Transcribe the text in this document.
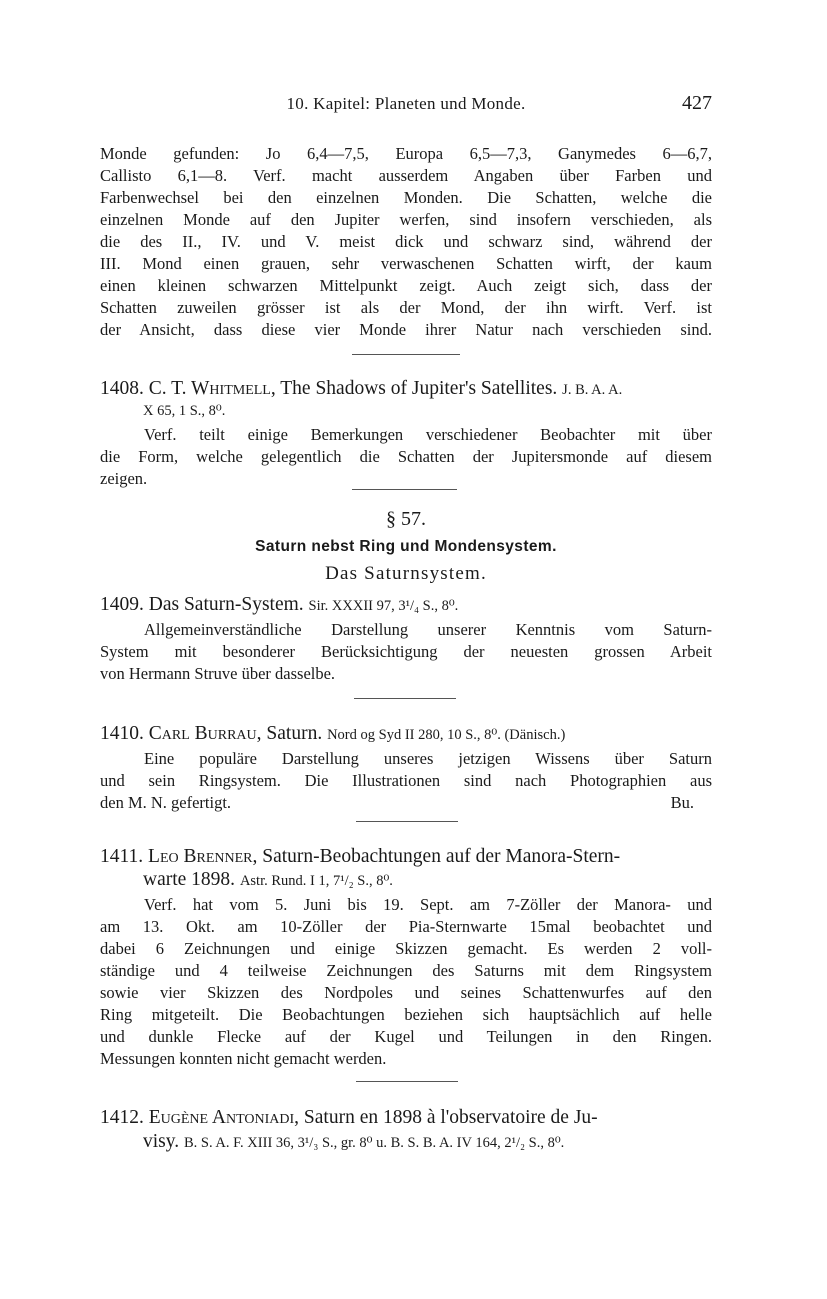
10. Kapitel: Planeten und Monde.	427
Monde gefunden: Jo 6,4—7,5, Europa 6,5—7,3, Ganymedes 6—6,7,
Callisto 6,1—8. Verf. macht ausserdem Angaben über Farben und
Farbenwechsel bei den einzelnen Monden. Die Schatten, welche die
einzelnen Monde auf den Jupiter werfen, sind insofern verschieden, als
die des II., IV. und V. meist dick und schwarz sind, während der
III. Mond einen grauen, sehr verwaschenen Schatten wirft, der kaum
einen kleinen schwarzen Mittelpunkt zeigt. Auch zeigt sich, dass der
Schatten zuweilen grösser ist als der Mond, der ihn wirft. Verf. ist
der Ansicht, dass diese vier Monde ihrer Natur nach verschieden sind.
1408. C. T. Whitmell, The Shadows of Jupiter's Satellites. J. B. A. A.
X 65, 1 S., 8⁰.
Verf. teilt einige Bemerkungen verschiedener Beobachter mit über
die Form, welche gelegentlich die Schatten der Jupitersmonde auf diesem
zeigen.
§ 57.
Saturn nebst Ring und Mondensystem.
Das Saturnsystem.
1409. Das Saturn-System. Sir. XXXII 97, 3¹/₄ S., 8⁰.
Allgemeinverständliche Darstellung unserer Kenntnis vom Saturn-
System mit besonderer Berücksichtigung der neuesten grossen Arbeit
von Hermann Struve über dasselbe.
1410. Carl Burrau, Saturn. Nord og Syd II 280, 10 S., 8⁰. (Dänisch.)
Eine populäre Darstellung unseres jetzigen Wissens über Saturn
und sein Ringsystem. Die Illustrationen sind nach Photographien aus
den M. N. gefertigt.	Bu.
1411. Leo Brenner, Saturn-Beobachtungen auf der Manora-Stern-
warte 1898. Astr. Rund. I 1, 7¹/₂ S., 8⁰.
Verf. hat vom 5. Juni bis 19. Sept. am 7-Zöller der Manora- und
am 13. Okt. am 10-Zöller der Pia-Sternwarte 15mal beobachtet und
dabei 6 Zeichnungen und einige Skizzen gemacht. Es werden 2 voll-
ständige und 4 teilweise Zeichnungen des Saturns mit dem Ringsystem
sowie vier Skizzen des Nordpoles und seines Schattenwurfes auf den
Ring mitgeteilt. Die Beobachtungen beziehen sich hauptsächlich auf helle
und dunkle Flecke auf der Kugel und Teilungen in den Ringen.
Messungen konnten nicht gemacht werden.
1412. Eugène Antoniadi, Saturn en 1898 à l'observatoire de Ju-
visy. B. S. A. F. XIII 36, 3¹/₃ S., gr. 8⁰ u. B. S. B. A. IV 164, 2¹/₂ S., 8⁰.
